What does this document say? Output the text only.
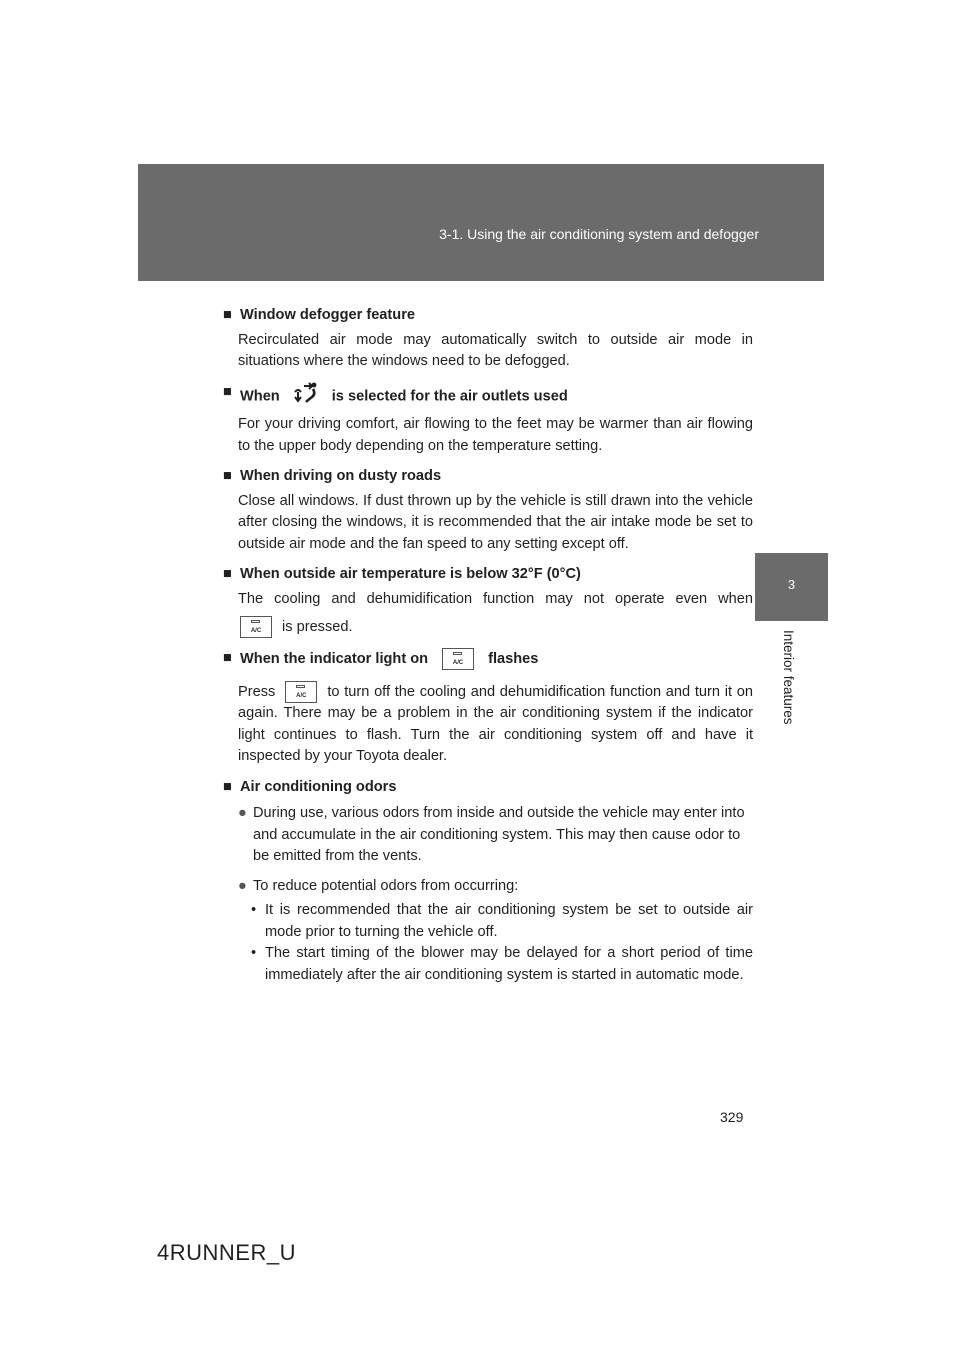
3-1. Using the air conditioning system and defogger
3
Interior features

■ Window defogger feature

Recirculated air mode may automatically switch to outside air mode in situations where the windows need to be defogged.

■ When	is selected for the air outlets used

For your driving comfort, air flowing to the feet may be warmer than air flowing to the upper body depending on the temperature setting.

■ When driving on dusty roads

Close all windows. If dust thrown up by the vehicle is still drawn into the vehicle after closing the windows, it is recommended that the air intake mode be set to outside air mode and the fan speed to any setting except off.

■ When outside air temperature is below 32°F (0°C)

The cooling and dehumidification function may not operate even when

A/C	is pressed.

■ When the indicator light on	A/C	flashes

Press	A/C	to turn off the cooling and dehumidification function and turn it on again. There may be a problem in the air conditioning system if the indicator light continues to flash. Turn the air conditioning system off and have it inspected by your Toyota dealer.

■ Air conditioning odors

● During use, various odors from inside and outside the vehicle may enter into and accumulate in the air conditioning system. This may then cause odor to be emitted from the vents.
● To reduce potential odors from occurring:
• It is recommended that the air conditioning system be set to outside air mode prior to turning the vehicle off.
• The start timing of the blower may be delayed for a short period of time immediately after the air conditioning system is started in automatic mode.
329
4RUNNER_U
